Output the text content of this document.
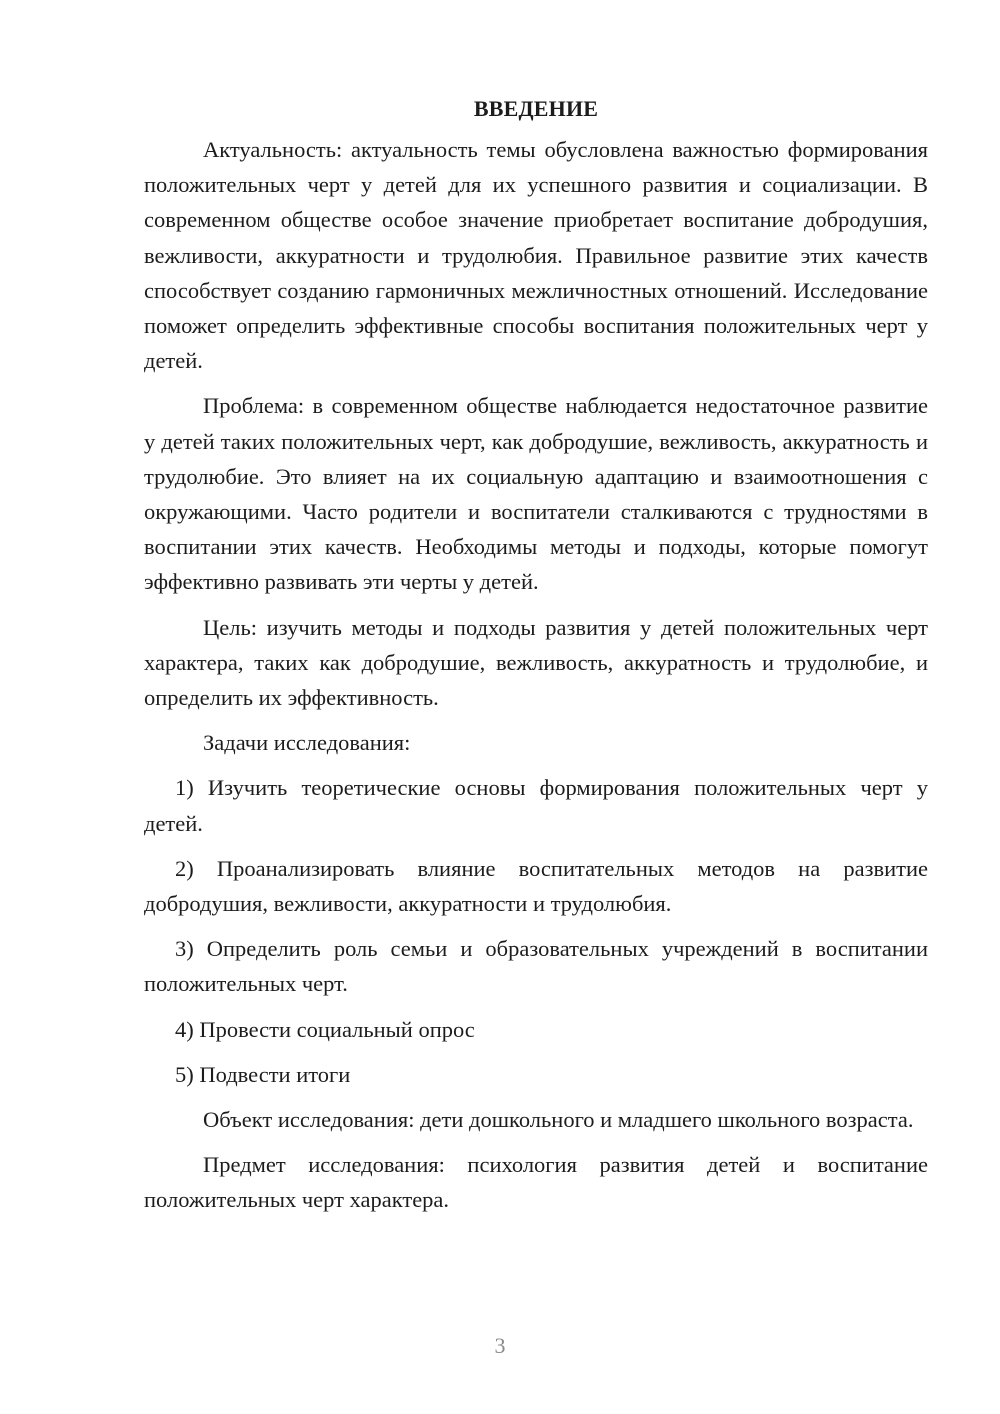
ВВЕДЕНИЕ

Актуальность: актуальность темы обусловлена важностью формирования положительных черт у детей для их успешного развития и социализации. В современном обществе особое значение приобретает воспитание добродушия, вежливости, аккуратности и трудолюбия. Правильное развитие этих качеств способствует созданию гармоничных межличностных отношений. Исследование поможет определить эффективные способы воспитания положительных черт у детей.

Проблема: в современном обществе наблюдается недостаточное развитие у детей таких положительных черт, как добродушие, вежливость, аккуратность и трудолюбие. Это влияет на их социальную адаптацию и взаимоотношения с окружающими. Часто родители и воспитатели сталкиваются с трудностями в воспитании этих качеств. Необходимы методы и подходы, которые помогут эффективно развивать эти черты у детей.

Цель: изучить методы и подходы развития у детей положительных черт характера, таких как добродушие, вежливость, аккуратность и трудолюбие, и определить их эффективность.

Задачи исследования:

1) Изучить теоретические основы формирования положительных черт у детей.

2) Проанализировать влияние воспитательных методов на развитие добродушия, вежливости, аккуратности и трудолюбия.

3) Определить роль семьи и образовательных учреждений в воспитании положительных черт.

4) Провести социальный опрос

5) Подвести итоги

Объект исследования: дети дошкольного и младшего школьного возраста.

Предмет исследования: психология развития детей и воспитание положительных черт характера.

3
